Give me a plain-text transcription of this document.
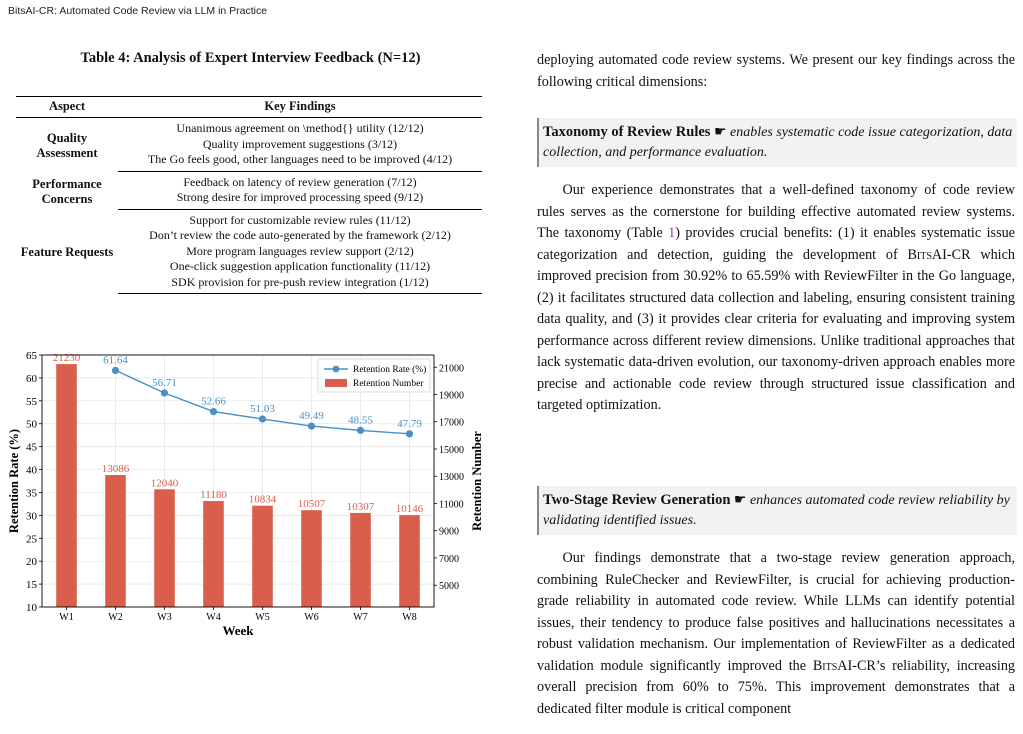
BitsAI-CR: Automated Code Review via LLM in Practice
Table 4: Analysis of Expert Interview Feedback (N=12)
Aspect	Key Findings
Quality Assessment	Unanimous agreement on \method{} utility (12/12)
	Quality improvement suggestions (3/12)
	The Go feels good, other languages need to be improved (4/12)
Performance Concerns	Feedback on latency of review generation (7/12)
	Strong desire for improved processing speed (9/12)
Feature Requests	Support for customizable review rules (11/12)
	Don’t review the code auto-generated by the framework (2/12)
	More program languages review support (2/12)
	One-click suggestion application functionality (11/12)
	SDK provision for pre-push review integration (1/12)
21230
13086
12040
11180 10834 10507 10307 10146
61.64
56.71
52.66
51.03
49.49 48.55 47.79
10
15
20
25
30
35
40
45
50
55
60
65
5000
7000
9000
11000
13000
15000
17000
19000
21000
W1	W2	W3	W4	W5	W6	W7	W8
Week
Retention Rate (%)	Retention Number
Retention Rate (%)
Retention Number

deploying automated code review systems. We present our key findings across the following critical dimensions:

Taxonomy of Review Rules ☛ enables systematic code issue categorization, data collection, and performance evaluation.

Our experience demonstrates that a well-defined taxonomy of code review rules serves as the cornerstone for building effective automated review systems. The taxonomy (Table 1) provides crucial benefits: (1) it enables systematic issue categorization and detection, guiding the development of BitsAI-CR which improved precision from 30.92% to 65.59% with ReviewFilter in the Go language, (2) it facilitates structured data collection and labeling, ensuring consistent training data quality, and (3) it provides clear criteria for evaluating and improving system performance across different review dimensions. Unlike traditional approaches that lack systematic data-driven evolution, our taxonomy-driven approach enables more precise and actionable code review through structured issue classification and targeted optimization.

Two-Stage Review Generation ☛ enhances automated code review reliability by validating identified issues.

Our findings demonstrate that a two-stage review generation approach, combining RuleChecker and ReviewFilter, is crucial for achieving production-grade reliability in automated code review. While LLMs can identify potential issues, their tendency to produce false positives and hallucinations necessitates a robust validation mechanism. Our implementation of ReviewFilter as a dedicated validation module significantly improved the BitsAI-CR’s reliability, increasing overall precision from 60% to 75%. This improvement demonstrates that a dedicated filter module is critical component
